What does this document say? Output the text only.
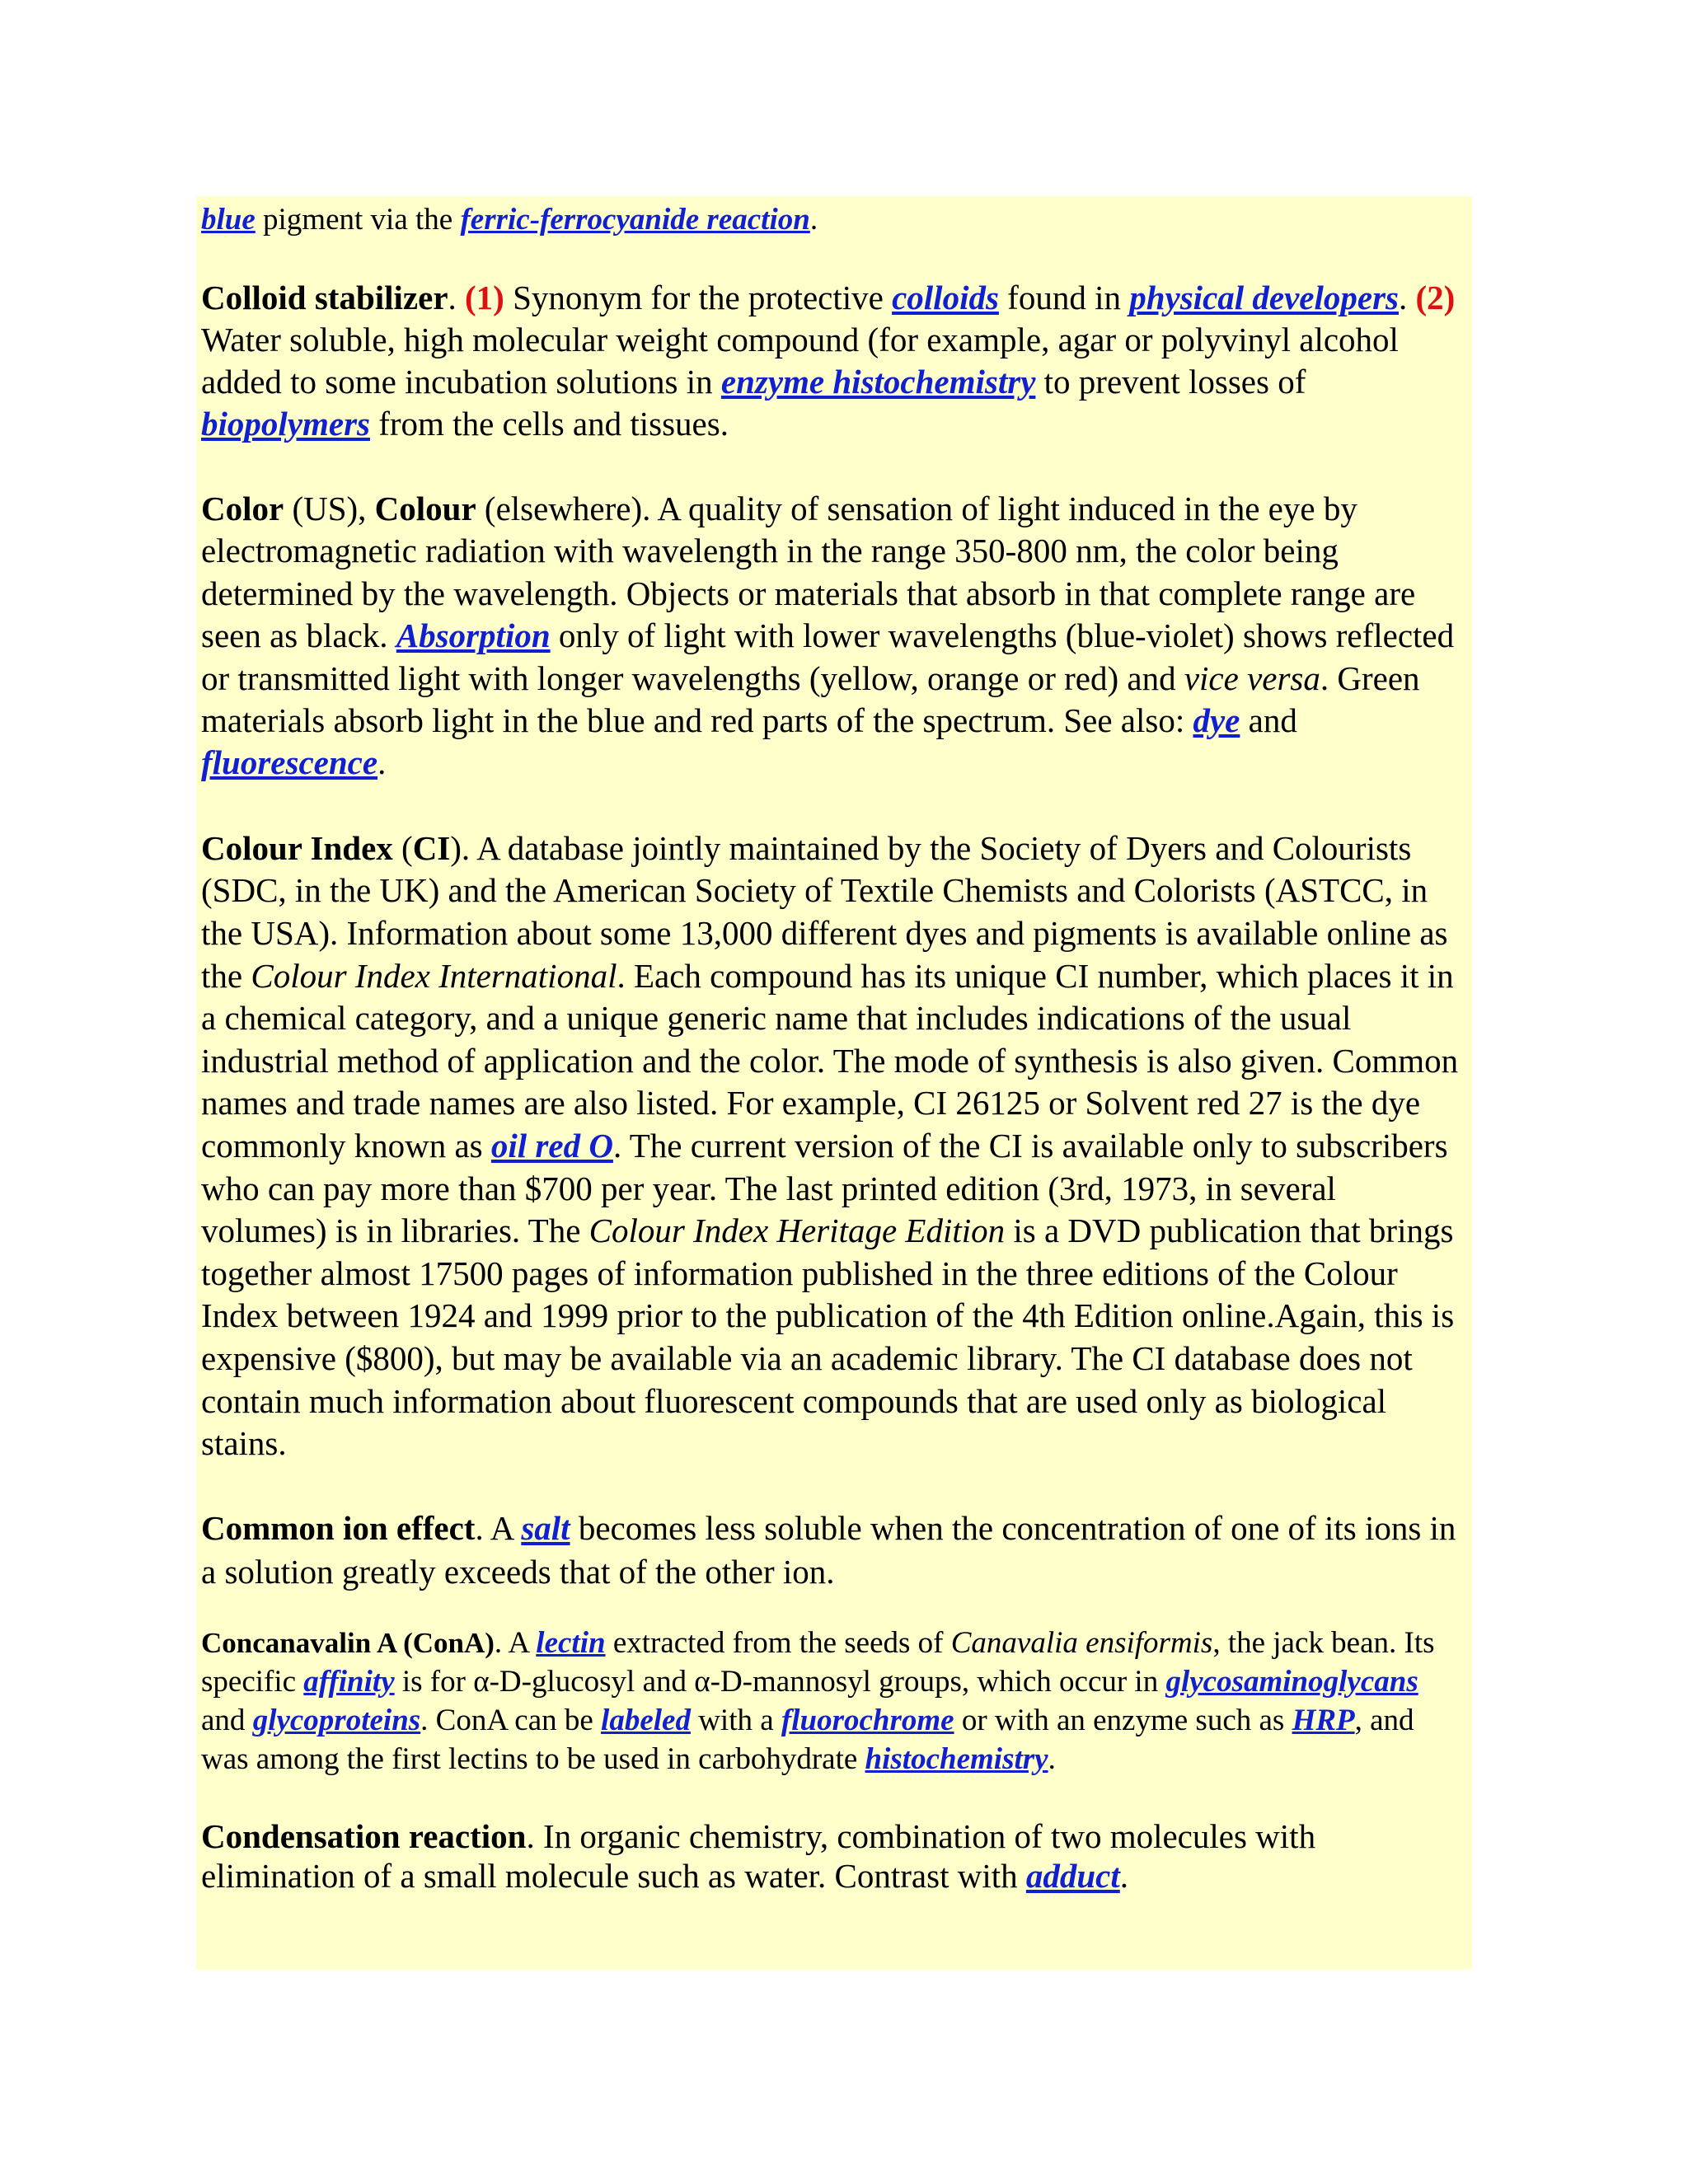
blue pigment via the ferric-ferrocyanide reaction.

Colloid stabilizer. (1) Synonym for the protective colloids found in physical developers. (2) Water soluble, high molecular weight compound (for example, agar or polyvinyl alcohol added to some incubation solutions in enzyme histochemistry to prevent losses of biopolymers from the cells and tissues.

Color (US), Colour (elsewhere). A quality of sensation of light induced in the eye by electromagnetic radiation with wavelength in the range 350-800 nm, the color being determined by the wavelength. Objects or materials that absorb in that complete range are seen as black. Absorption only of light with lower wavelengths (blue-violet) shows reflected or transmitted light with longer wavelengths (yellow, orange or red) and vice versa. Green materials absorb light in the blue and red parts of the spectrum. See also: dye and fluorescence.

Colour Index (CI). A database jointly maintained by the Society of Dyers and Colourists (SDC, in the UK) and the American Society of Textile Chemists and Colorists (ASTCC, in the USA). Information about some 13,000 different dyes and pigments is available online as the Colour Index International. Each compound has its unique CI number, which places it in a chemical category, and a unique generic name that includes indications of the usual industrial method of application and the color. The mode of synthesis is also given. Common names and trade names are also listed. For example, CI 26125 or Solvent red 27 is the dye commonly known as oil red O. The current version of the CI is available only to subscribers who can pay more than $700 per year. The last printed edition (3rd, 1973, in several volumes) is in libraries. The Colour Index Heritage Edition is a DVD publication that brings together almost 17500 pages of information published in the three editions of the Colour Index between 1924 and 1999 prior to the publication of the 4th Edition online.Again, this is expensive ($800), but may be available via an academic library. The CI database does not contain much information about fluorescent compounds that are used only as biological stains.

Common ion effect. A salt becomes less soluble when the concentration of one of its ions in a solution greatly exceeds that of the other ion.

Concanavalin A (ConA). A lectin extracted from the seeds of Canavalia ensiformis, the jack bean. Its specific affinity is for α-D-glucosyl and α-D-mannosyl groups, which occur in glycosaminoglycans and glycoproteins. ConA can be labeled with a fluorochrome or with an enzyme such as HRP, and was among the first lectins to be used in carbohydrate histochemistry.

Condensation reaction. In organic chemistry, combination of two molecules with elimination of a small molecule such as water. Contrast with adduct.
